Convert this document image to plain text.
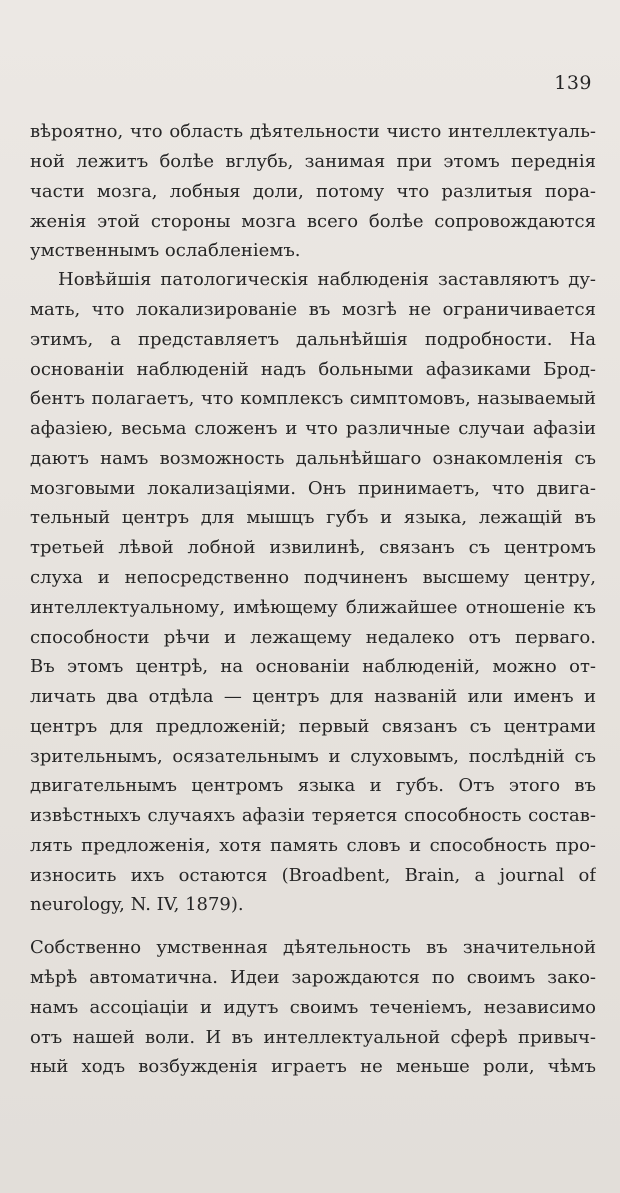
139
вѣроятно, что область дѣятельности чисто интеллектуаль-
ной лежитъ болѣе вглубь, занимая при этомъ переднія
части мозга, лобныя доли, потому что разлитыя пора-
женія этой стороны мозга всего болѣе сопровождаются
умственнымъ ослабленіемъ.
Новѣйшія патологическія наблюденія заставляютъ ду-
мать, что локализированіе въ мозгѣ не ограничивается
этимъ, а представляетъ дальнѣйшія подробности. На
основаніи наблюденій надъ больными афазиками Брод-
бентъ полагаетъ, что комплексъ симптомовъ, называемый
афазіею, весьма сложенъ и что различные случаи афазіи
даютъ намъ возможность дальнѣйшаго ознакомленія съ
мозговыми локализаціями. Онъ принимаетъ, что двига-
тельный центръ для мышцъ губъ и языка, лежащій въ
третьей лѣвой лобной извилинѣ, связанъ съ центромъ
слуха и непосредственно подчиненъ высшему центру,
интеллектуальному, имѣющему ближайшее отношеніе къ
способности рѣчи и лежащему недалеко отъ перваго.
Въ этомъ центрѣ, на основаніи наблюденій, можно от-
личать два отдѣла — центръ для названій или именъ и
центръ для предложеній; первый связанъ съ центрами
зрительнымъ, осязательнымъ и слуховымъ, послѣдній съ
двигательнымъ центромъ языка и губъ. Отъ этого въ
извѣстныхъ случаяхъ афазіи теряется способность состав-
лять предложенія, хотя память словъ и способность про-
износить ихъ остаются (Broadbent, Brain, a journal of
neurology, N. IV, 1879).
Собственно умственная дѣятельность въ значительной
мѣрѣ автоматична. Идеи зарождаются по своимъ зако-
намъ ассоціаціи и идутъ своимъ теченіемъ, независимо
отъ нашей воли. И въ интеллектуальной сферѣ привыч-
ный ходъ возбужденія играетъ не меньше роли, чѣмъ
